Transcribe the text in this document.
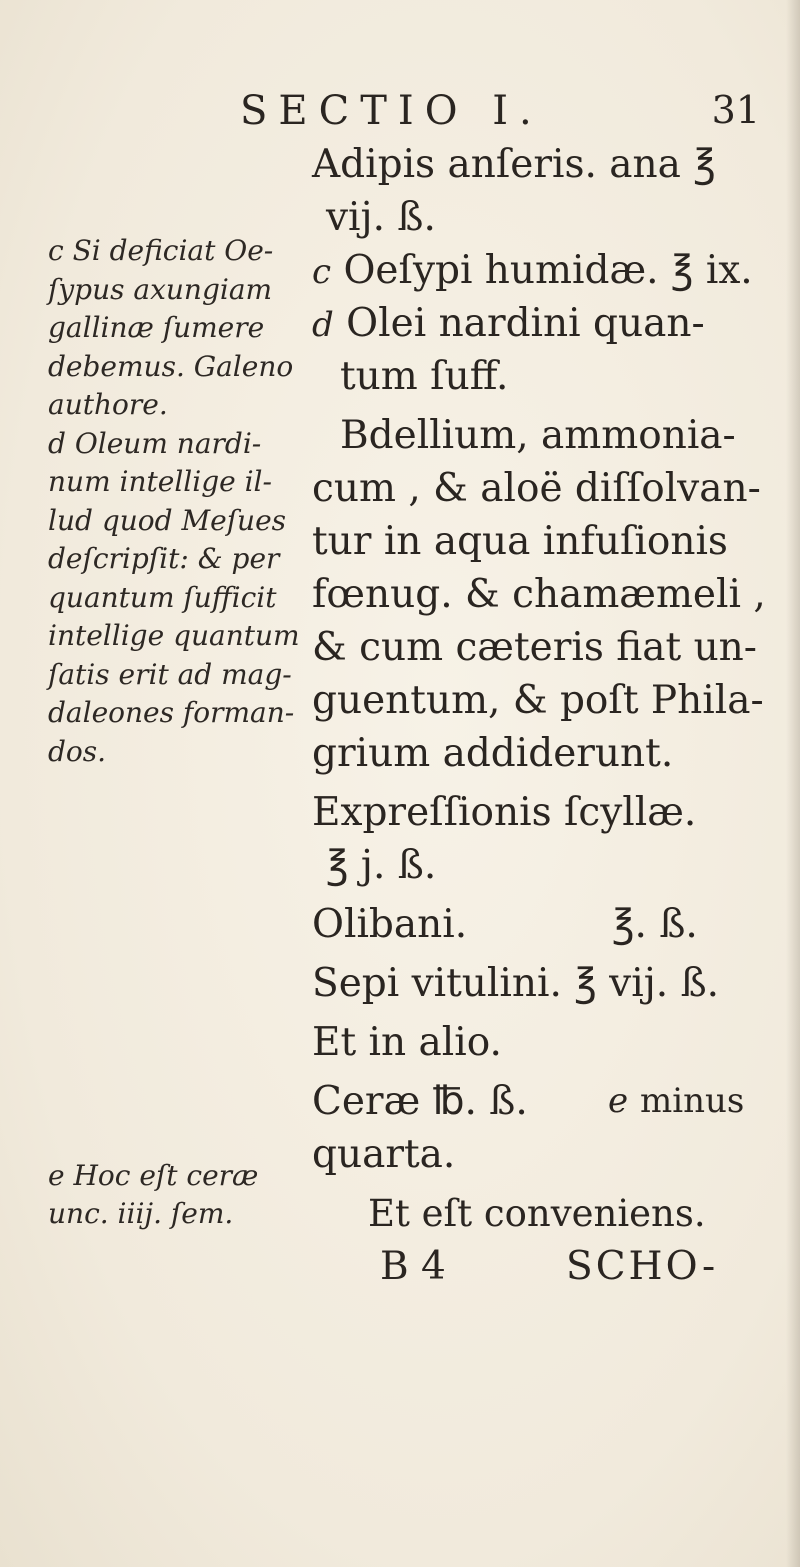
SECTIO I.	31
Adipis anſeris. ana ℥
vij. ß.
c Oeſypi humidæ. ℥ ix.
d Olei nardini quan-
tum ſuff.
Bdellium, ammonia-
cum , & aloë diſſolvan-
tur in aqua infuſionis
fœnug. & chamæmeli ,
& cum cæteris fiat un-
guentum, & poſt Phila-
grium addiderunt.
Expreſſionis ſcyllæ.
℥ j. ß.
Olibani.	℥. ß.
Sepi vitulini. ℥ vij. ß.
Et in alio.
Ceræ ℔. ß. e minus
quarta.
Et eſt conveniens.
B 4	SCHO-
c Si deficiat Oe-
ſypus axungiam
gallinæ ſumere
debemus. Galeno
authore.
d Oleum nardi-
num intellige il-
lud quod Meſues
deſcripſit: & per
quantum ſufficit
intellige quantum
ſatis erit ad mag-
daleones forman-
dos.
e Hoc eſt ceræ
unc. iiij. ſem.
